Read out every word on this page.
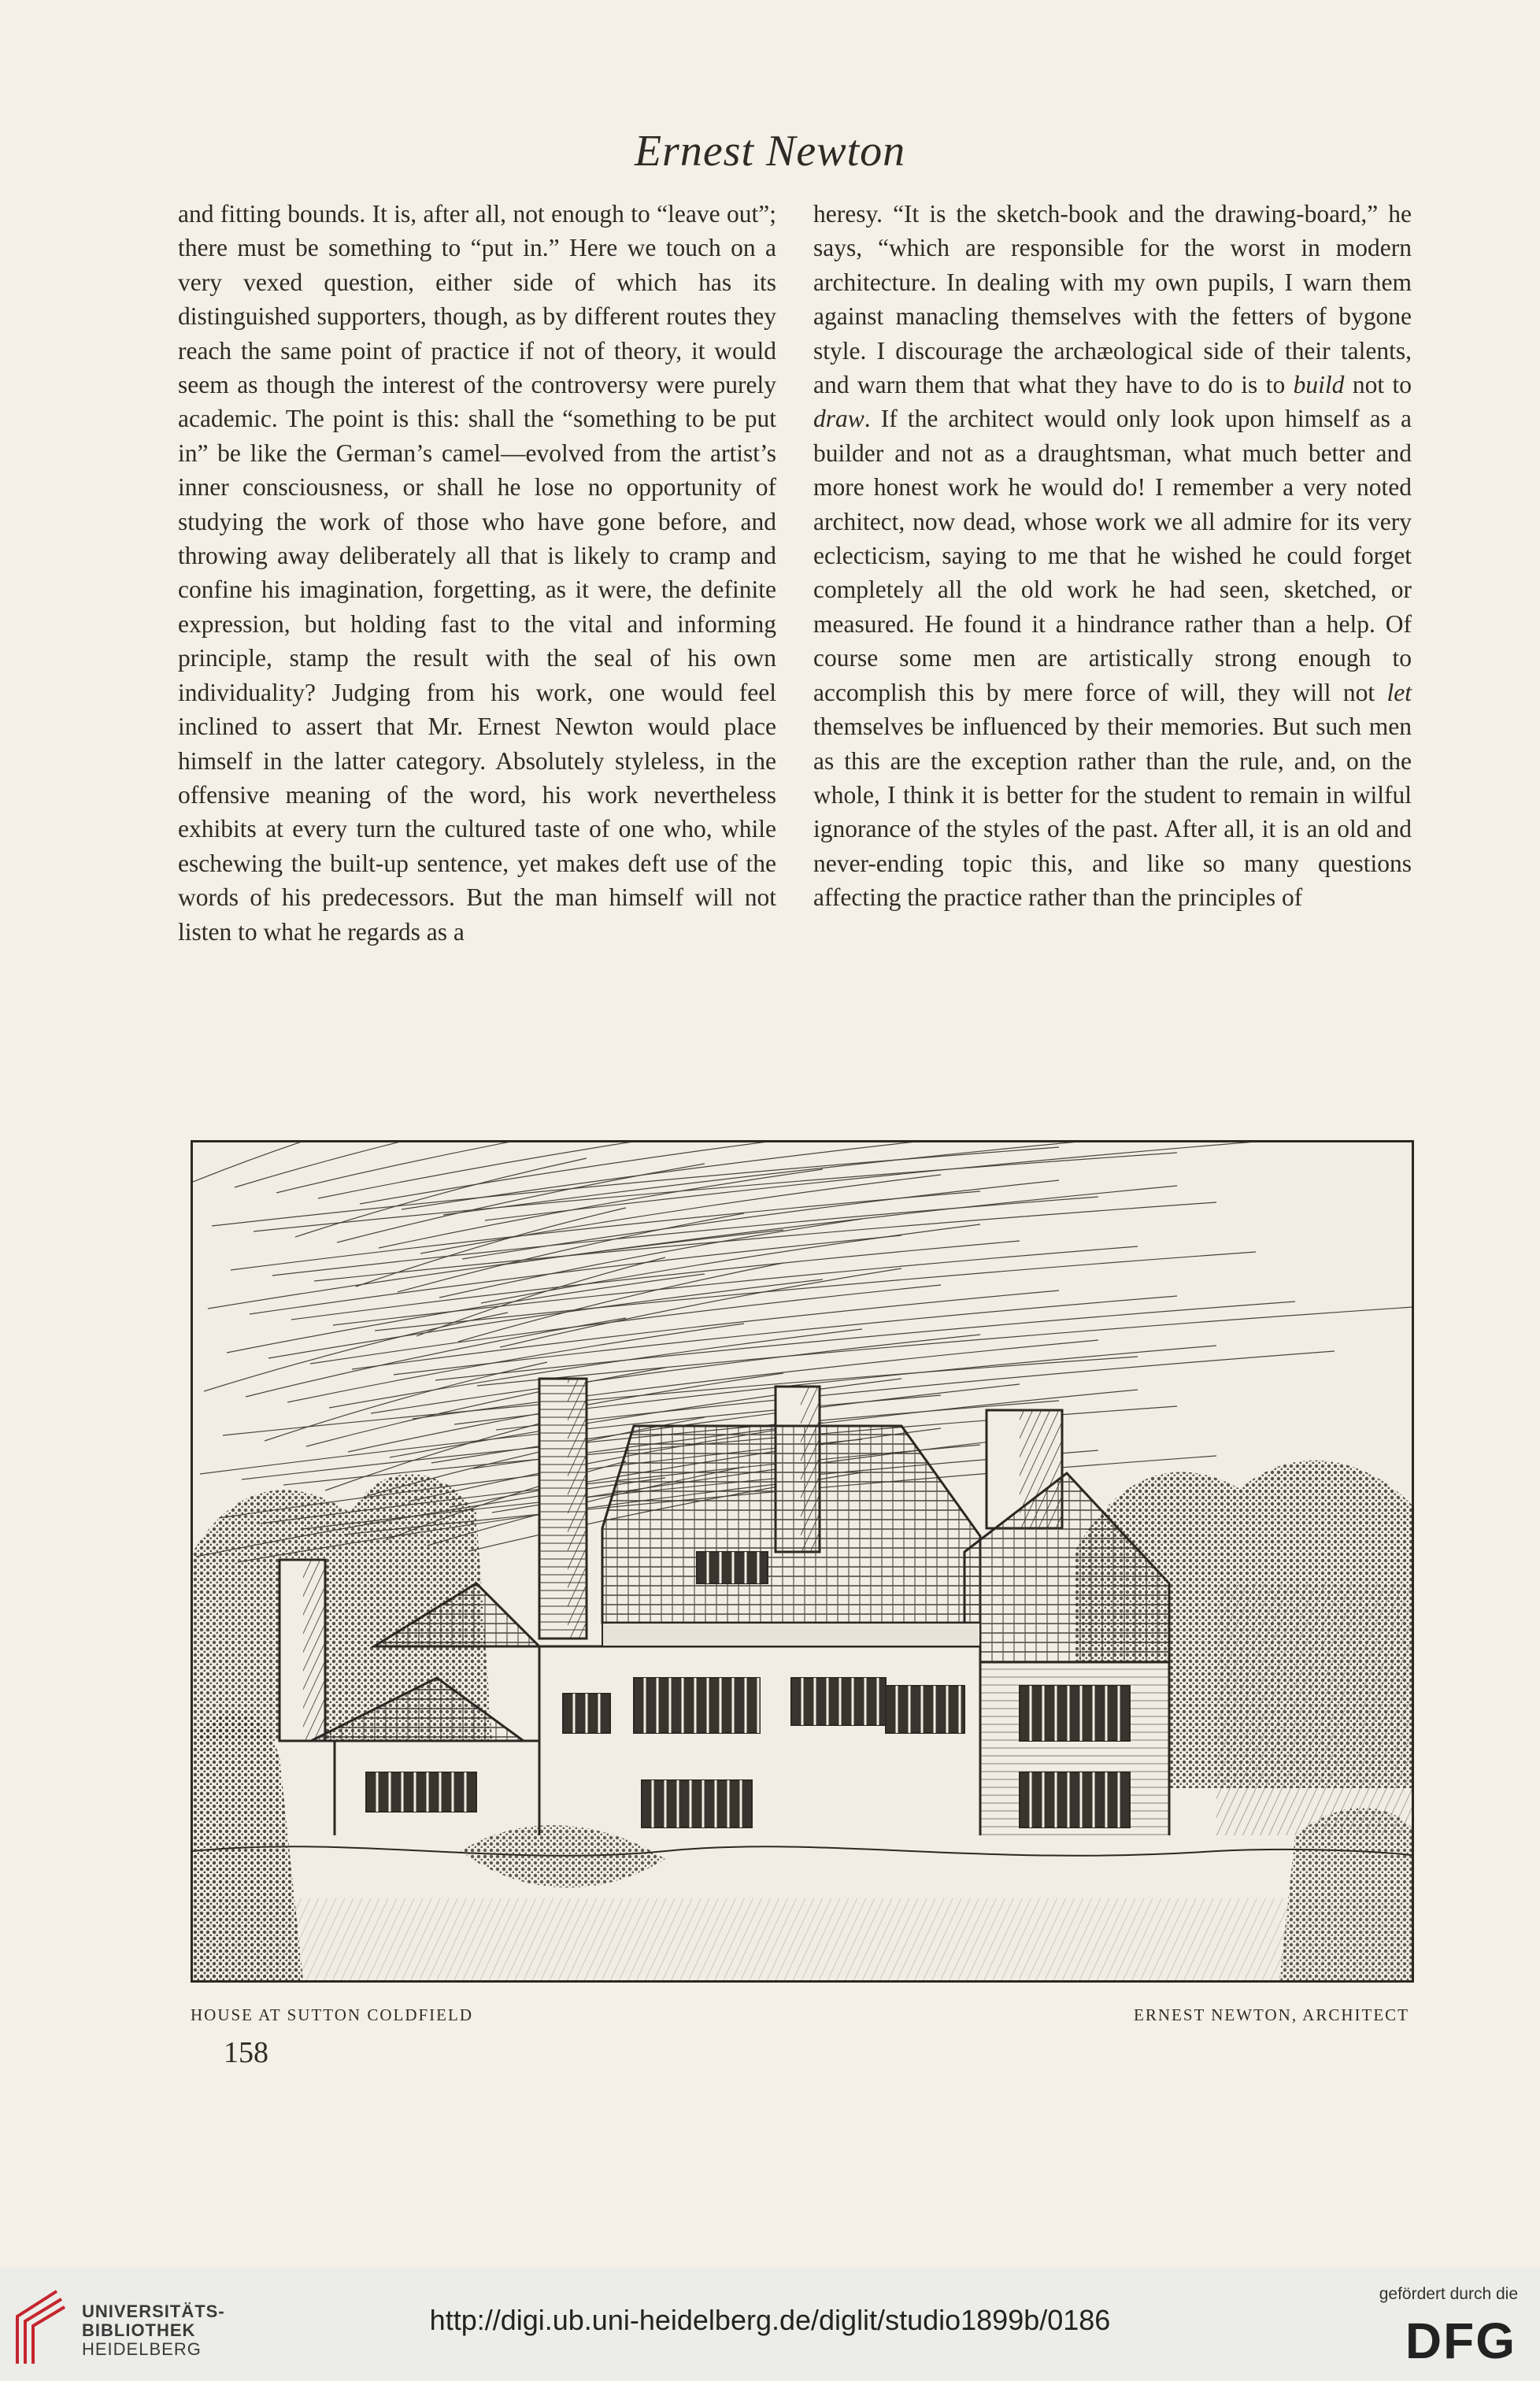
Ernest Newton

and fitting bounds. It is, after all, not enough to “leave out”; there must be something to “put in.” Here we touch on a very vexed question, either side of which has its distinguished supporters, though, as by different routes they reach the same point of practice if not of theory, it would seem as though the interest of the controversy were purely academic. The point is this: shall the “something to be put in” be like the German’s camel—evolved from the artist’s inner consciousness, or shall he lose no opportunity of studying the work of those who have gone before, and throwing away deliberately all that is likely to cramp and confine his imagination, forgetting, as it were, the definite expression, but holding fast to the vital and informing principle, stamp the result with the seal of his own individuality? Judging from his work, one would feel inclined to assert that Mr. Ernest Newton would place himself in the latter category. Absolutely styleless, in the offensive meaning of the word, his work nevertheless exhibits at every turn the cultured taste of one who, while eschewing the built-up sentence, yet makes deft use of the words of his predecessors. But the man himself will not listen to what he regards as a

heresy. “It is the sketch-book and the drawing-board,” he says, “which are responsible for the worst in modern architecture. In dealing with my own pupils, I warn them against manacling themselves with the fetters of bygone style. I discourage the archæological side of their talents, and warn them that what they have to do is to build not to draw. If the architect would only look upon himself as a builder and not as a draughtsman, what much better and more honest work he would do! I remember a very noted architect, now dead, whose work we all admire for its very eclecticism, saying to me that he wished he could forget completely all the old work he had seen, sketched, or measured. He found it a hindrance rather than a help. Of course some men are artistically strong enough to accomplish this by mere force of will, they will not let themselves be influenced by their memories. But such men as this are the exception rather than the rule, and, on the whole, I think it is better for the student to remain in wilful ignorance of the styles of the past. After all, it is an old and never-ending topic this, and like so many questions affecting the practice rather than the principles of

HOUSE AT SUTTON COLDFIELD	ERNEST NEWTON, ARCHITECT
158
UNIVERSITÄTS-
BIBLIOTHEK
HEIDELBERG
http://digi.ub.uni-heidelberg.de/diglit/studio1899b/0186
gefördert durch die
DFG
